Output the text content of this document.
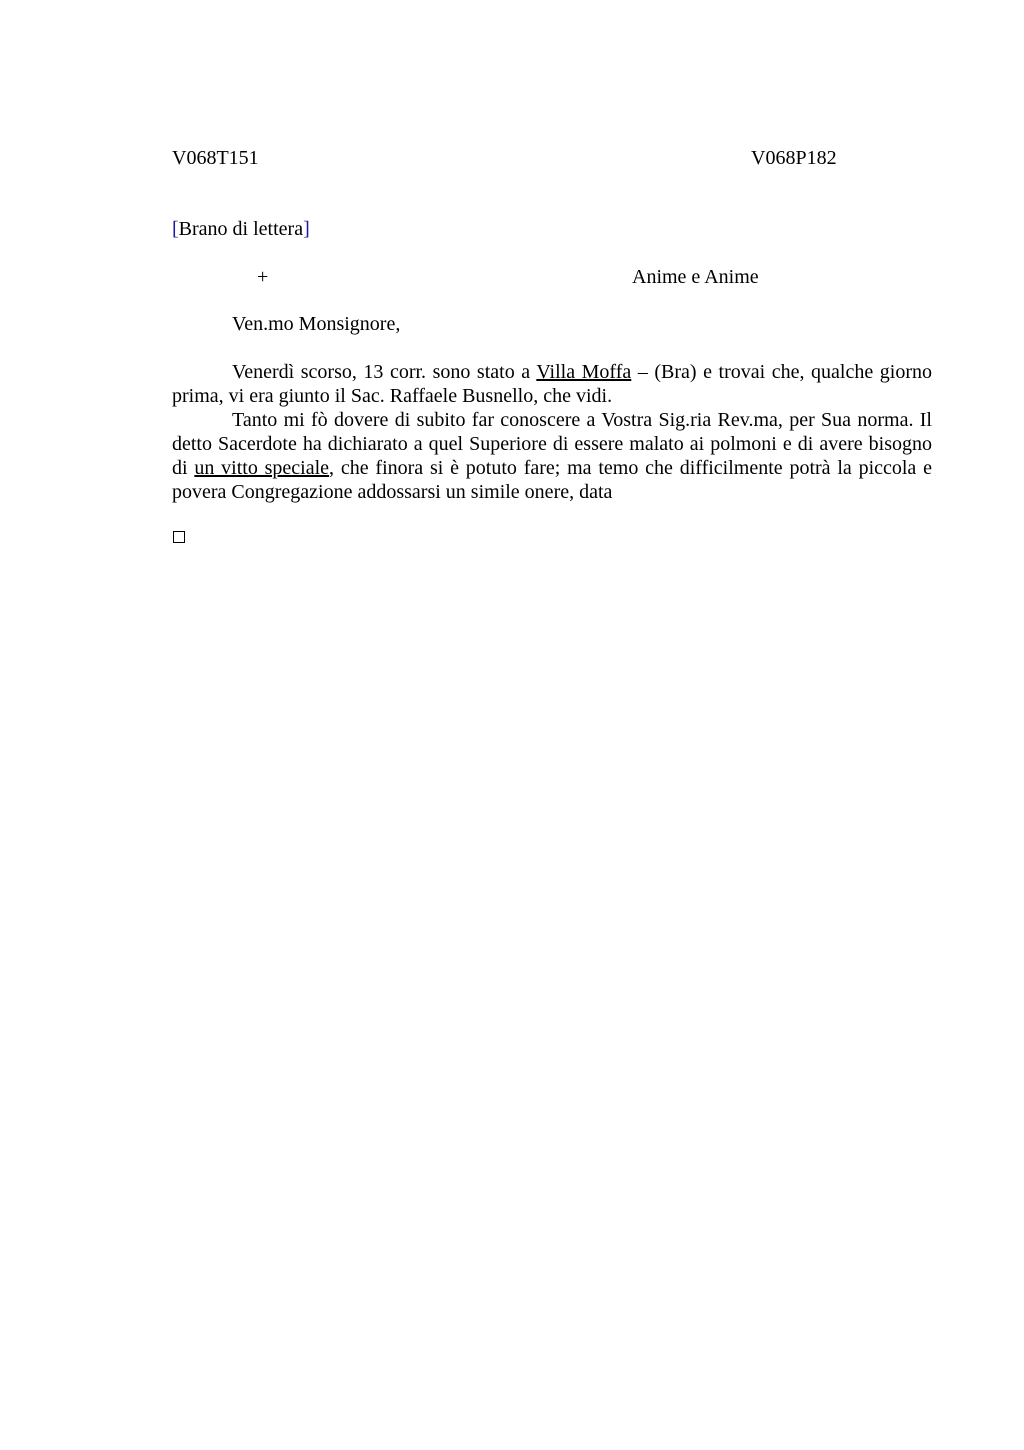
V068T151	V068P182
[Brano di lettera]
+	Anime e Anime
Ven.mo Monsignore,

Venerdì scorso, 13 corr. sono stato a Villa Moffa – (Bra) e trovai che, qualche giorno prima, vi era giunto il Sac. Raffaele Busnello, che vidi.

Tanto mi fò dovere di subito far conoscere a Vostra Sig.ria Rev.ma, per Sua norma. Il detto Sacerdote ha dichiarato a quel Superiore di essere malato ai polmoni e di avere bisogno di un vitto speciale, che finora si è potuto fare; ma temo che difficilmente potrà la piccola e povera Congregazione addossarsi un simile onere, data
